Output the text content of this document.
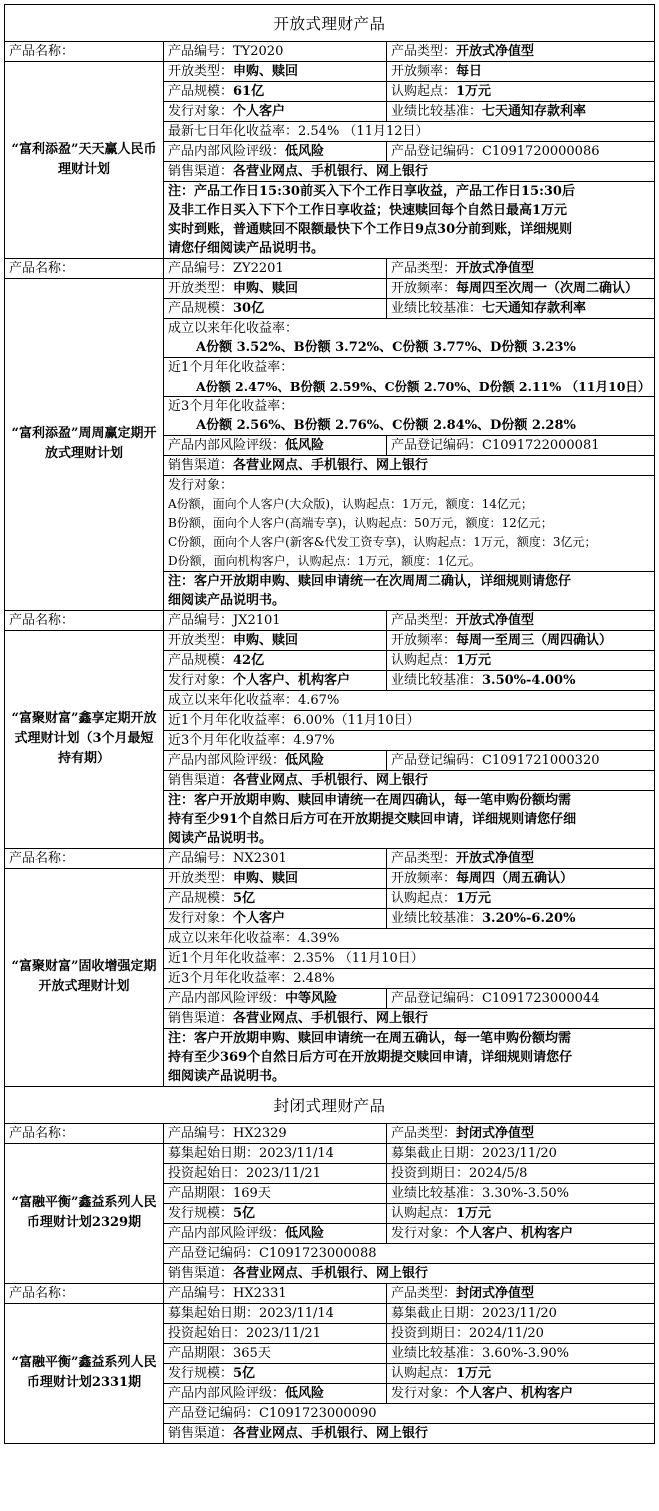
开放式理财产品
产品名称：
“富利添盈”天天赢人民币理财计划
产品编号：TY2020	产品类型：开放式净值型
开放类型：申购、赎回	开放频率：每日
产品规模：61亿	认购起点：1万元
发行对象：个人客户	业绩比较基准：七天通知存款利率
最新七日年化收益率：2.54% （11月12日）
产品内部风险评级：低风险	产品登记编码：C1091720000086
销售渠道：各营业网点、手机银行、网上银行
注：产品工作日15:30前买入下个工作日享收益，产品工作日15:30后
及非工作日买入下下个工作日享收益；快速赎回每个自然日最高1万元
实时到账，普通赎回不限额最快下个工作日9点30分前到账，详细规则
请您仔细阅读产品说明书。
产品名称：
“富利添盈”周周赢定期开放式理财计划
产品编号：ZY2201	产品类型：开放式净值型
开放类型：申购、赎回	开放频率：每周四至次周一（次周二确认）
产品规模：30亿	业绩比较基准：七天通知存款利率
成立以来年化收益率：
A份额 3.52%、B份额 3.72%、C份额 3.77%、D份额 3.23%
近1个月年化收益率：
A份额 2.47%、B份额 2.59%、C份额 2.70%、D份额 2.11% （11月10日）
近3个月年化收益率：
A份额 2.56%、B份额 2.76%、C份额 2.84%、D份额 2.28%
产品内部风险评级：低风险	产品登记编码：C1091722000081
销售渠道：各营业网点、手机银行、网上银行
发行对象：
A份额，面向个人客户(大众版)，认购起点：1万元，额度：14亿元；
B份额，面向个人客户(高端专享)，认购起点：50万元，额度：12亿元；
C份额，面向个人客户(新客&代发工资专享)，认购起点：1万元，额度：3亿元；
D份额，面向机构客户，认购起点：1万元，额度：1亿元。
注：客户开放期申购、赎回申请统一在次周周二确认，详细规则请您仔
细阅读产品说明书。
产品名称：
“富聚财富”鑫享定期开放式理财计划（3个月最短持有期）
产品编号：JX2101	产品类型：开放式净值型
开放类型：申购、赎回	开放频率：每周一至周三（周四确认）
产品规模：42亿	认购起点：1万元
发行对象：个人客户、机构客户	业绩比较基准：3.50%-4.00%
成立以来年化收益率：4.67%
近1个月年化收益率：6.00%（11月10日）
近3个月年化收益率：4.97%
产品内部风险评级：低风险	产品登记编码：C1091721000320
销售渠道：各营业网点、手机银行、网上银行
注：客户开放期申购、赎回申请统一在周四确认，每一笔申购份额均需
持有至少91个自然日后方可在开放期提交赎回申请，详细规则请您仔细
阅读产品说明书。
产品名称：
“富聚财富”固收增强定期开放式理财计划
产品编号：NX2301	产品类型：开放式净值型
开放类型：申购、赎回	开放频率：每周四（周五确认）
产品规模：5亿	认购起点：1万元
发行对象：个人客户	业绩比较基准：3.20%-6.20%
成立以来年化收益率：4.39%
近1个月年化收益率：2.35% （11月10日）
近3个月年化收益率：2.48%
产品内部风险评级：中等风险	产品登记编码：C1091723000044
销售渠道：各营业网点、手机银行、网上银行
注：客户开放期申购、赎回申请统一在周五确认，每一笔申购份额均需
持有至少369个自然日后方可在开放期提交赎回申请，详细规则请您仔
细阅读产品说明书。
封闭式理财产品
产品名称：
“富融平衡”鑫益系列人民币理财计划2329期
产品编号：HX2329	产品类型：封闭式净值型
募集起始日期：2023/11/14	募集截止日期：2023/11/20
投资起始日：2023/11/21	投资到期日：2024/5/8
产品期限：169天	业绩比较基准：3.30%-3.50%
发行规模：5亿	认购起点：1万元
产品内部风险评级：低风险	发行对象：个人客户、机构客户
产品登记编码：C1091723000088
销售渠道：各营业网点、手机银行、网上银行
产品名称：
“富融平衡”鑫益系列人民币理财计划2331期
产品编号：HX2331	产品类型：封闭式净值型
募集起始日期：2023/11/14	募集截止日期：2023/11/20
投资起始日：2023/11/21	投资到期日：2024/11/20
产品期限：365天	业绩比较基准：3.60%-3.90%
发行规模：5亿	认购起点：1万元
产品内部风险评级：低风险	发行对象：个人客户、机构客户
产品登记编码：C1091723000090
销售渠道：各营业网点、手机银行、网上银行
